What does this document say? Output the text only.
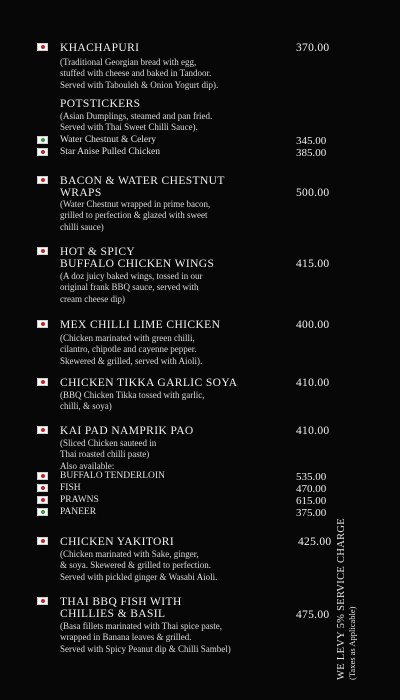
KHACHAPURI	370.00
(Traditional Georgian bread with egg,
stuffed with cheese and baked in Tandoor.
Served with Tabouleh & Onion Yogurt dip).
POTSTICKERS
(Asian Dumplings, steamed and pan fried.
Served with Thai Sweet Chilli Sauce).
Water Chestnut & Celery	345.00
Star Anise Pulled Chicken	385.00
BACON & WATER CHESTNUT
WRAPS	500.00
(Water Chestnut wrapped in prime bacon,
grilled to perfection & glazed with sweet
chilli sauce)
HOT & SPICY
BUFFALO CHICKEN WINGS	415.00
(A doz juicy baked wings, tossed in our
original frank BBQ sauce, served with
cream cheese dip)
MEX CHILLI LIME CHICKEN	400.00
(Chicken marinated with green chilli,
cilantro, chipotle and cayenne pepper.
Skewered & grilled, served with Aioli).
CHICKEN TIKKA GARLIC SOYA	410.00
(BBQ Chicken Tikka tossed with garlic,
chilli, & soya)
KAI PAD NAMPRIK PAO	410.00
(Sliced Chicken sauteed in
Thai roasted chilli paste)
Also available:
BUFFALO TENDERLOIN	535.00
FISH	470.00
PRAWNS	615.00
PANEER	375.00
CHICKEN YAKITORI	425.00
(Chicken marinated with Sake, ginger,
& soya. Skewered & grilled to perfection.
Served with pickled ginger & Wasabi Aioli.
THAI BBQ FISH WITH
CHILLIES & BASIL	475.00
(Basa fillets marinated with Thai spice paste,
wrapped in Banana leaves & grilled.
Served with Spicy Peanut dip & Chilli Sambel)	WE LEVY 5% SERVICE CHARGE (Taxes as Applicable)
